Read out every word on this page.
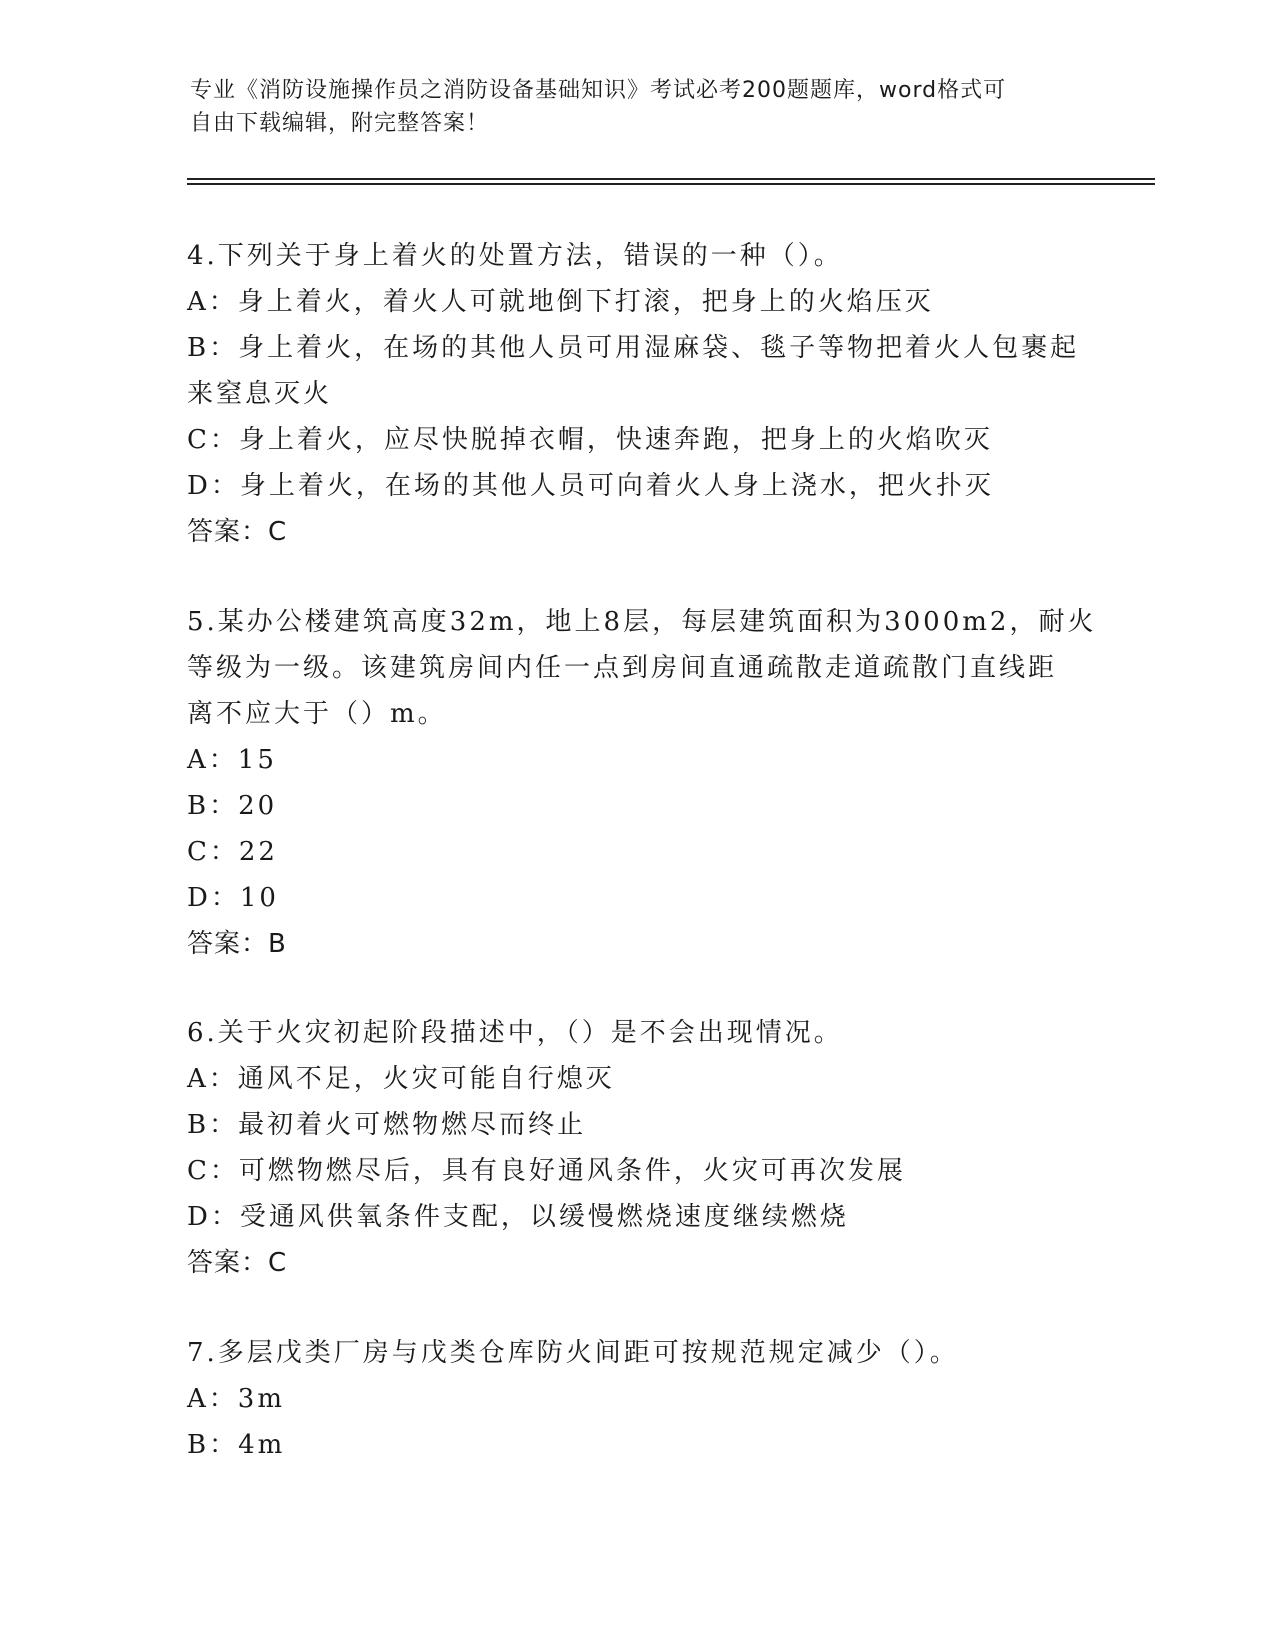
专业《消防设施操作员之消防设备基础知识》考试必考200题题库，word格式可
自由下载编辑，附完整答案！
4.下列关于身上着火的处置方法，错误的一种（）。
A：身上着火，着火人可就地倒下打滚，把身上的火焰压灭
B：身上着火，在场的其他人员可用湿麻袋、毯子等物把着火人包裹起
来窒息灭火
C：身上着火，应尽快脱掉衣帽，快速奔跑，把身上的火焰吹灭
D：身上着火，在场的其他人员可向着火人身上浇水，把火扑灭
答案：C
5.某办公楼建筑高度32m，地上8层，每层建筑面积为3000m2，耐火
等级为一级。该建筑房间内任一点到房间直通疏散走道疏散门直线距
离不应大于（）m。
A：15
B：20
C：22
D：10
答案：B
6.关于火灾初起阶段描述中，（）是不会出现情况。
A：通风不足，火灾可能自行熄灭
B：最初着火可燃物燃尽而终止
C：可燃物燃尽后，具有良好通风条件，火灾可再次发展
D：受通风供氧条件支配，以缓慢燃烧速度继续燃烧
答案：C
7.多层戊类厂房与戊类仓库防火间距可按规范规定减少（）。
A：3m
B：4m
